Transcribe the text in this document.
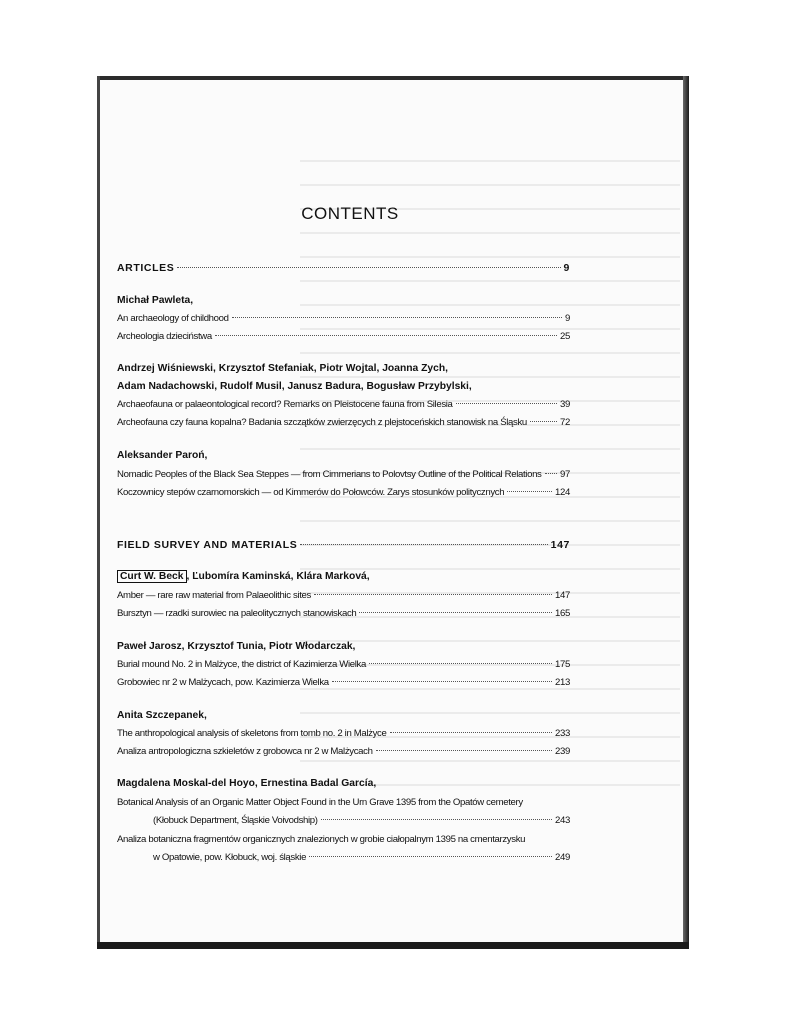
CONTENTS
ARTICLES	9
Michał Pawleta,
An archaeology of childhood	9
Archeologia dzieciństwa	25
Andrzej Wiśniewski, Krzysztof Stefaniak, Piotr Wojtal, Joanna Zych,
Adam Nadachowski, Rudolf Musil, Janusz Badura, Bogusław Przybylski,
Archaeofauna or palaeontological record? Remarks on Pleistocene fauna from Silesia	39
Archeofauna czy fauna kopalna? Badania szczątków zwierzęcych z plejstoceńskich stanowisk na Śląsku	72
Aleksander Paroń,
Nomadic Peoples of the Black Sea Steppes — from Cimmerians to Polovtsy Outline of the Political Relations 97
Koczownicy stepów czarnomorskich — od Kimmerów do Połowców. Zarys stosunków politycznych	124
FIELD SURVEY AND MATERIALS	147
Curt W. Beck , Ľubomíra Kaminská, Klára Marková,
Amber — rare raw material from Palaeolithic sites	147
Bursztyn — rzadki surowiec na paleolitycznych stanowiskach	165
Paweł Jarosz, Krzysztof Tunia, Piotr Włodarczak,
Burial mound No. 2 in Malżyce, the district of Kazimierza Wielka	175
Grobowiec nr 2 w Malżycach, pow. Kazimierza Wielka	213
Anita Szczepanek,
The anthropological analysis of skeletons from tomb no. 2 in Malżyce	233
Analiza antropologiczna szkieletów z grobowca nr 2 w Malżycach	239
Magdalena Moskal-del Hoyo, Ernestina Badal García,
Botanical Analysis of an Organic Matter Object Found in the Urn Grave 1395 from the Opatów cemetery
(Kłobuck Department, Śląskie Voivodship)	243
Analiza botaniczna fragmentów organicznych znalezionych w grobie ciałopalnym 1395 na cmentarzysku
w Opatowie, pow. Kłobuck, woj. śląskie	249
